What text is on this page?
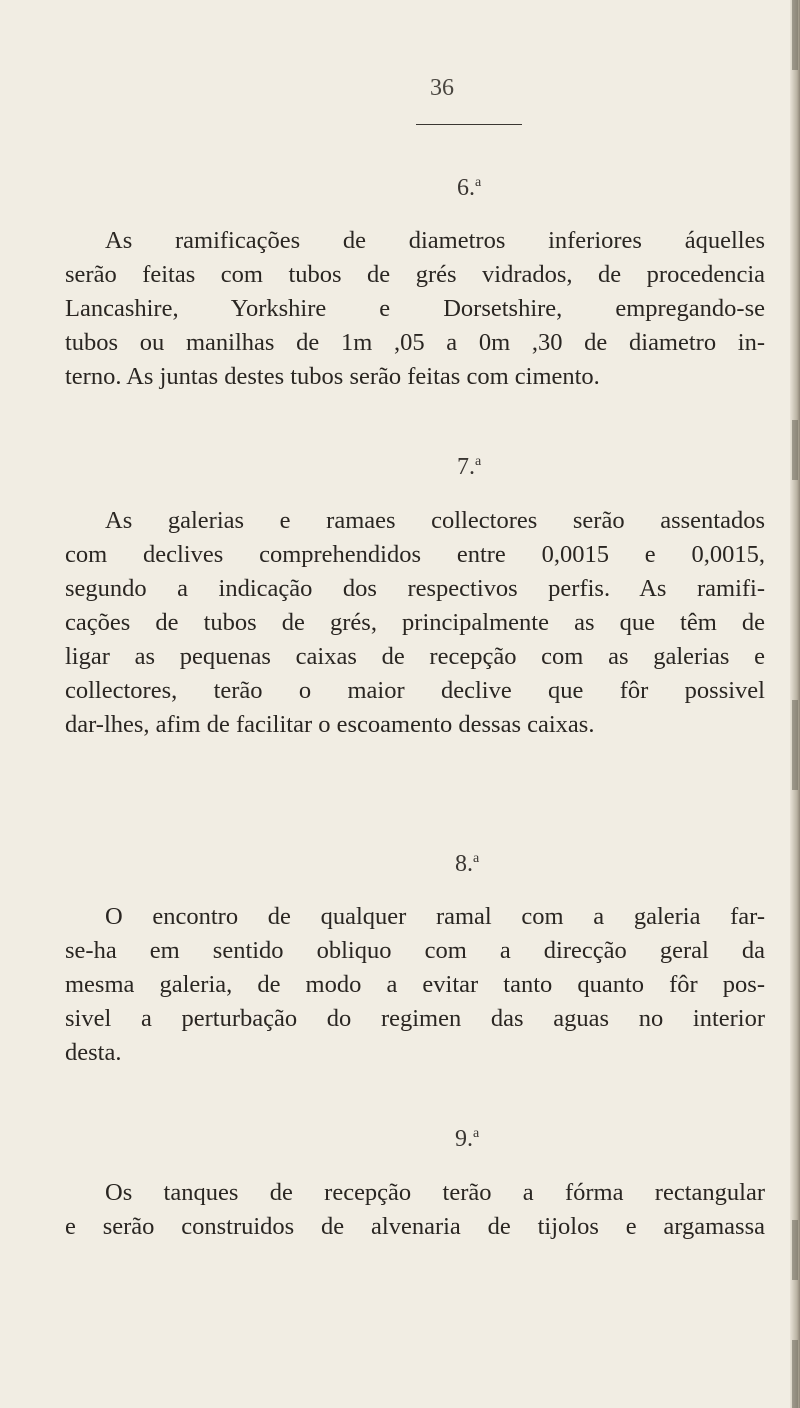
36
6.$^a$
As ramificações de diametros inferiores áquelles
serão feitas com tubos de grés vidrados, de procedencia
Lancashire, Yorkshire e Dorsetshire, empregando-se
tubos ou manilhas de 1m ,05 a 0m ,30 de diametro in-
terno. As juntas destes tubos serão feitas com cimento.
7.$^a$
As galerias e ramaes collectores serão assentados
com declives comprehendidos entre 0,0015 e 0,0015,
segundo a indicação dos respectivos perfis. As ramifi-
cações de tubos de grés, principalmente as que têm de
ligar as pequenas caixas de recepção com as galerias e
collectores, terão o maior declive que fôr possivel
dar-lhes, afim de facilitar o escoamento dessas caixas.
8.$^a$
O encontro de qualquer ramal com a galeria far-
se-ha em sentido obliquo com a direcção geral da
mesma galeria, de modo a evitar tanto quanto fôr pos-
sivel a perturbação do regimen das aguas no interior
desta.
9.$^a$
Os tanques de recepção terão a fórma rectangular
e serão construidos de alvenaria de tijolos e argamassa
